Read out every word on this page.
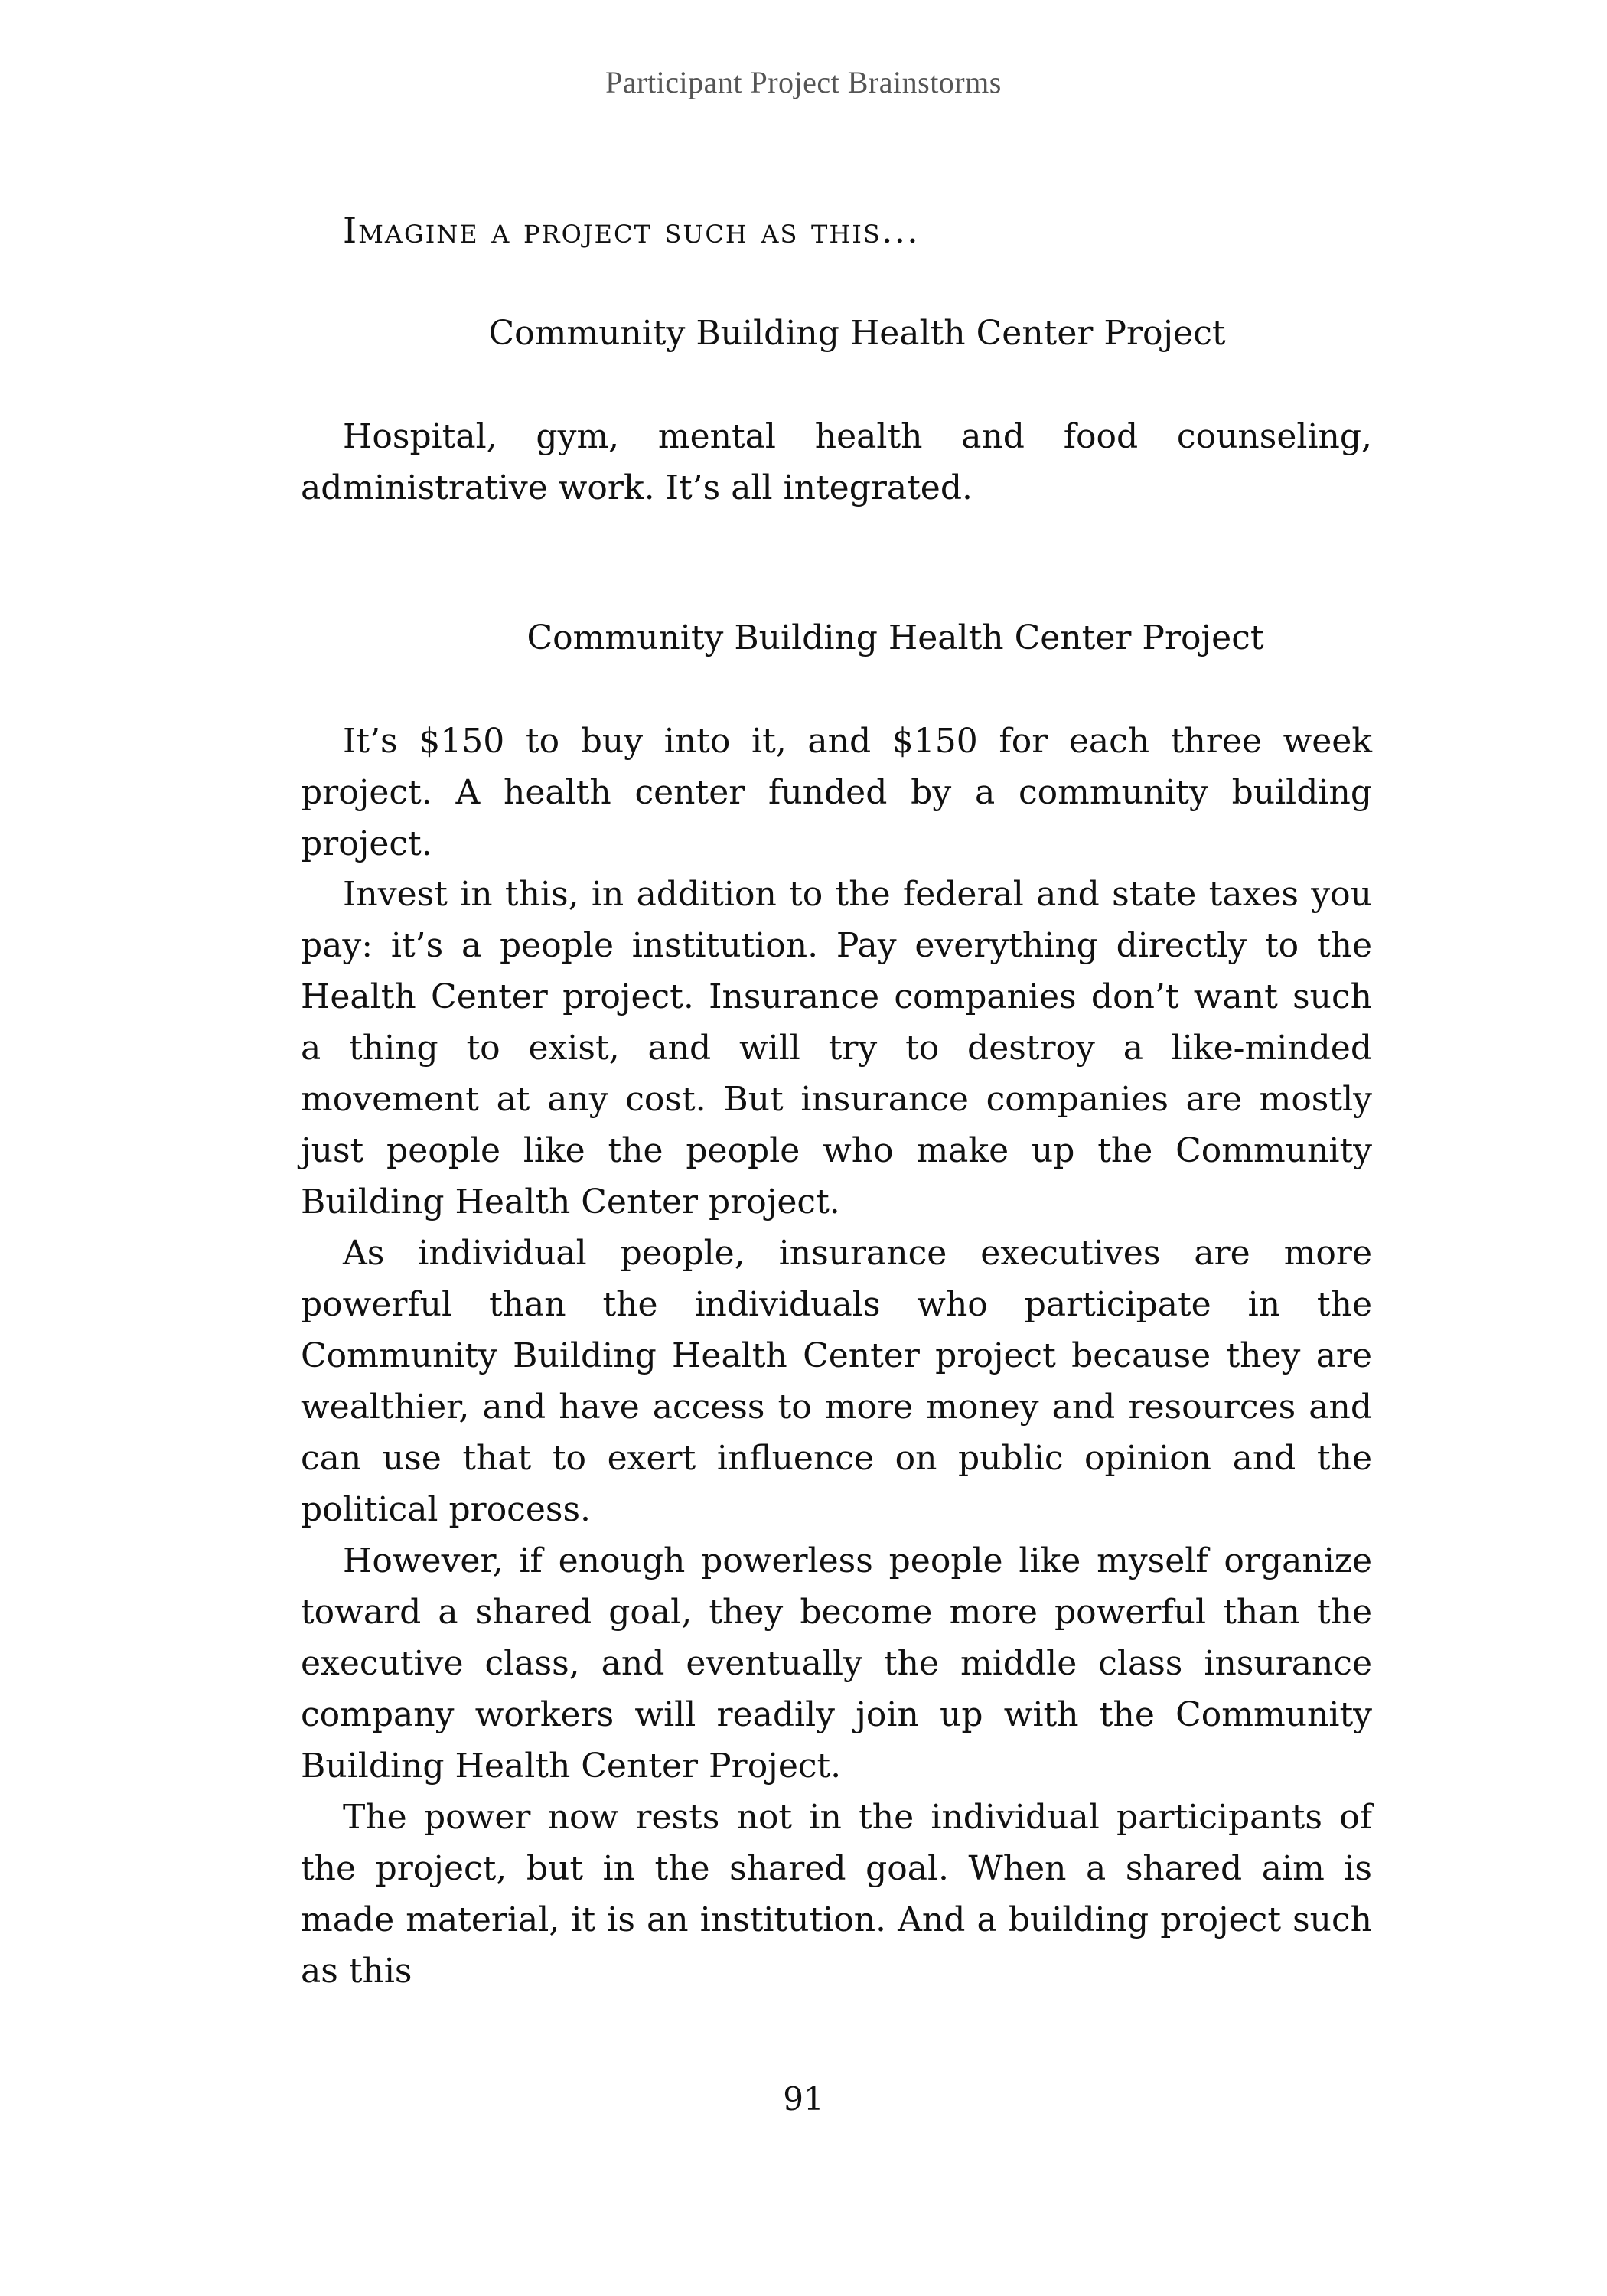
Participant Project Brainstorms
Imagine a project such as this...
Community Building Health Center Project

Hospital, gym, mental health and food counseling, administrative work. It’s all integrated.

Community Building Health Center Project

It’s $150 to buy into it, and $150 for each three week project. A health center funded by a community building project.

Invest in this, in addition to the federal and state taxes you pay: it’s a people institution. Pay everything directly to the Health Center project. Insurance companies don’t want such a thing to exist, and will try to destroy a like-minded movement at any cost. But insurance companies are mostly just people like the people who make up the Community Building Health Center project.

As individual people, insurance executives are more powerful than the individuals who participate in the Community Building Health Center project because they are wealthier, and have access to more money and resources and can use that to exert influence on public opinion and the political process.

However, if enough powerless people like myself organize toward a shared goal, they become more powerful than the executive class, and eventually the middle class insurance company workers will readily join up with the Community Building Health Center Project.

The power now rests not in the individual participants of the project, but in the shared goal. When a shared aim is made material, it is an institution. And a building project such as this

91
